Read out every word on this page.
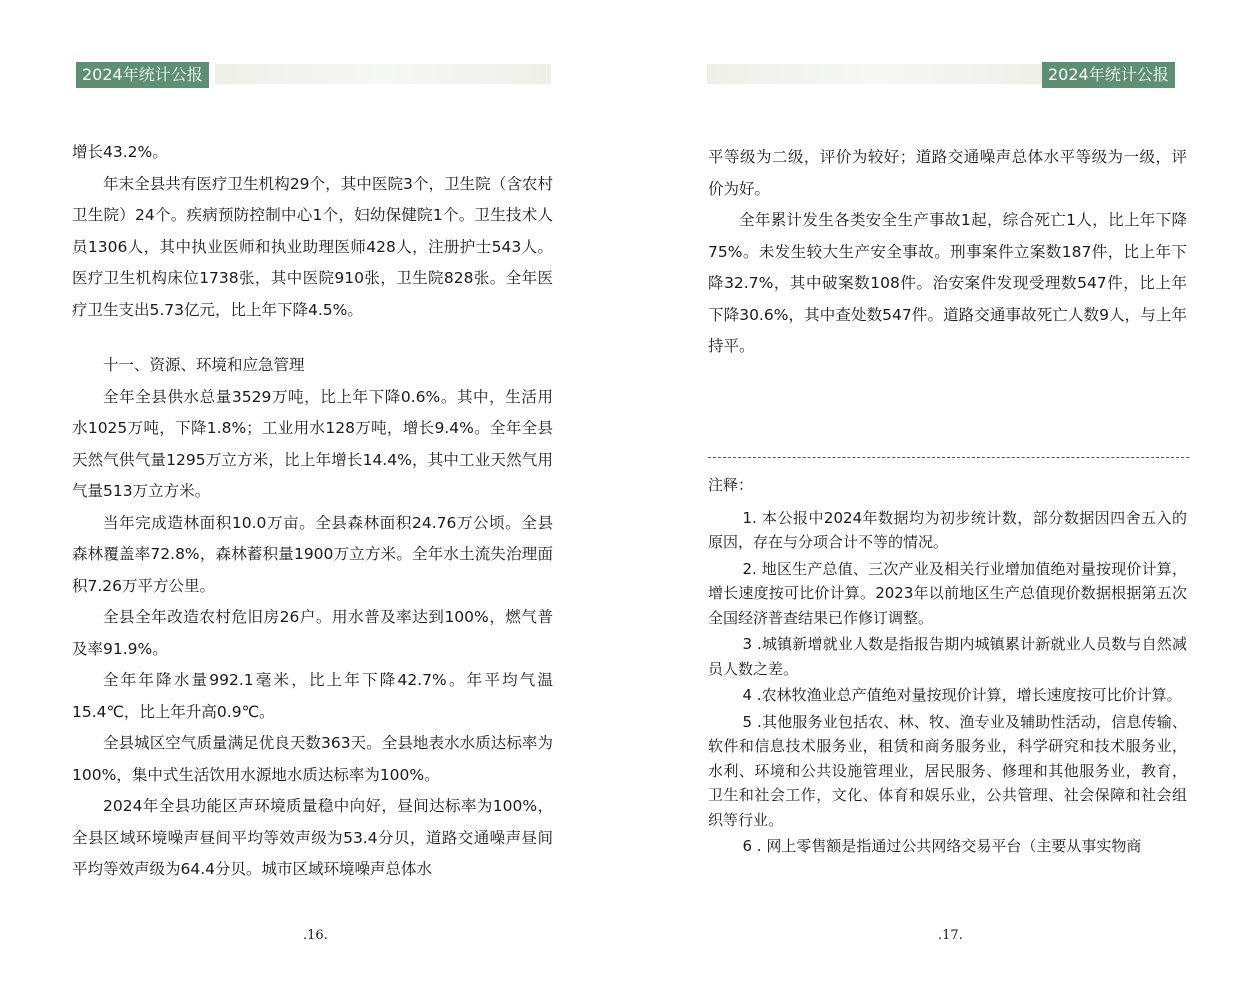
2024年统计公报

增长43.2%。

年末全县共有医疗卫生机构29个，其中医院3个，卫生院（含农村卫生院）24个。疾病预防控制中心1个，妇幼保健院1个。卫生技术人员1306人，其中执业医师和执业助理医师428人，注册护士543人。医疗卫生机构床位1738张，其中医院910张，卫生院828张。全年医疗卫生支出5.73亿元，比上年下降4.5%。

十一、资源、环境和应急管理

全年全县供水总量3529万吨，比上年下降0.6%。其中，生活用水1025万吨，下降1.8%；工业用水128万吨，增长9.4%。全年全县天然气供气量1295万立方米，比上年增长14.4%，其中工业天然气用气量513万立方米。

当年完成造林面积10.0万亩。全县森林面积24.76万公顷。全县森林覆盖率72.8%，森林蓄积量1900万立方米。全年水土流失治理面积7.26万平方公里。

全县全年改造农村危旧房26户。用水普及率达到100%，燃气普及率91.9%。

全年年降水量992.1毫米，比上年下降42.7%。年平均气温15.4℃，比上年升高0.9℃。

全县城区空气质量满足优良天数363天。全县地表水水质达标率为100%，集中式生活饮用水源地水质达标率为100%。

2024年全县功能区声环境质量稳中向好，昼间达标率为100%，全县区域环境噪声昼间平均等效声级为53.4分贝，道路交通噪声昼间平均等效声级为64.4分贝。城市区域环境噪声总体水

.16.
2024年统计公报

平等级为二级，评价为较好；道路交通噪声总体水平等级为一级，评价为好。

全年累计发生各类安全生产事故1起，综合死亡1人，比上年下降75%。未发生较大生产安全事故。刑事案件立案数187件，比上年下降32.7%，其中破案数108件。治安案件发现受理数547件，比上年下降30.6%，其中查处数547件。道路交通事故死亡人数9人，与上年持平。

注释：

1. 本公报中2024年数据均为初步统计数，部分数据因四舍五入的原因，存在与分项合计不等的情况。

2. 地区生产总值、三次产业及相关行业增加值绝对量按现价计算，增长速度按可比价计算。2023年以前地区生产总值现价数据根据第五次全国经济普查结果已作修订调整。

3 .城镇新增就业人数是指报告期内城镇累计新就业人员数与自然减员人数之差。

4 .农林牧渔业总产值绝对量按现价计算，增长速度按可比价计算。

5 .其他服务业包括农、林、牧、渔专业及辅助性活动，信息传输、软件和信息技术服务业，租赁和商务服务业，科学研究和技术服务业，水利、环境和公共设施管理业，居民服务、修理和其他服务业，教育，卫生和社会工作，文化、体育和娱乐业，公共管理、社会保障和社会组织等行业。

6 . 网上零售额是指通过公共网络交易平台（主要从事实物商

.17.
